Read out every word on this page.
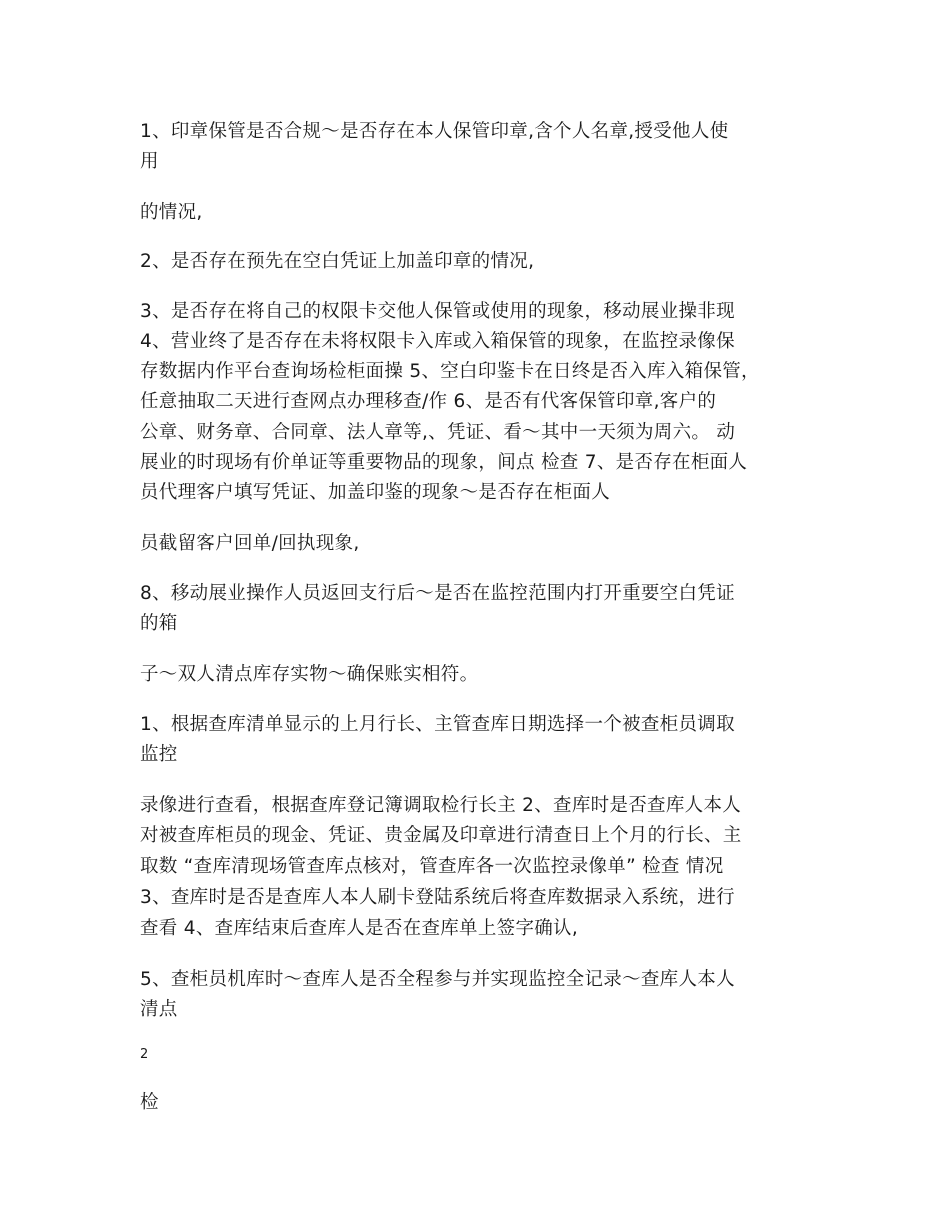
1、印章保管是否合规～是否存在本人保管印章,含个人名章,授受他人使
用
的情况,
2、是否存在预先在空白凭证上加盖印章的情况,
3、是否存在将自己的权限卡交他人保管或使用的现象，移动展业操非现
4、营业终了是否存在未将权限卡入库或入箱保管的现象，在监控录像保
存数据内作平台查询场检柜面操 5、空白印鉴卡在日终是否入库入箱保管，
任意抽取二天进行查网点办理移查/作 6、是否有代客保管印章,客户的
公章、财务章、合同章、法人章等,、凭证、看～其中一天须为周六。 动
展业的时现场有价单证等重要物品的现象，间点 检查 7、是否存在柜面人
员代理客户填写凭证、加盖印鉴的现象～是否存在柜面人
员截留客户回单/回执现象,
8、移动展业操作人员返回支行后～是否在监控范围内打开重要空白凭证
的箱
子～双人清点库存实物～确保账实相符。
1、根据查库清单显示的上月行长、主管查库日期选择一个被查柜员调取
监控
录像进行查看，根据查库登记簿调取检行长主 2、查库时是否查库人本人
对被查库柜员的现金、凭证、贵金属及印章进行清查日上个月的行长、主
取数 “查库清现场管查库点核对，管查库各一次监控录像单” 检查 情况
3、查库时是否是查库人本人刷卡登陆系统后将查库数据录入系统，进行
查看 4、查库结束后查库人是否在查库单上签字确认,
5、查柜员机库时～查库人是否全程参与并实现监控全记录～查库人本人
清点
2
检
